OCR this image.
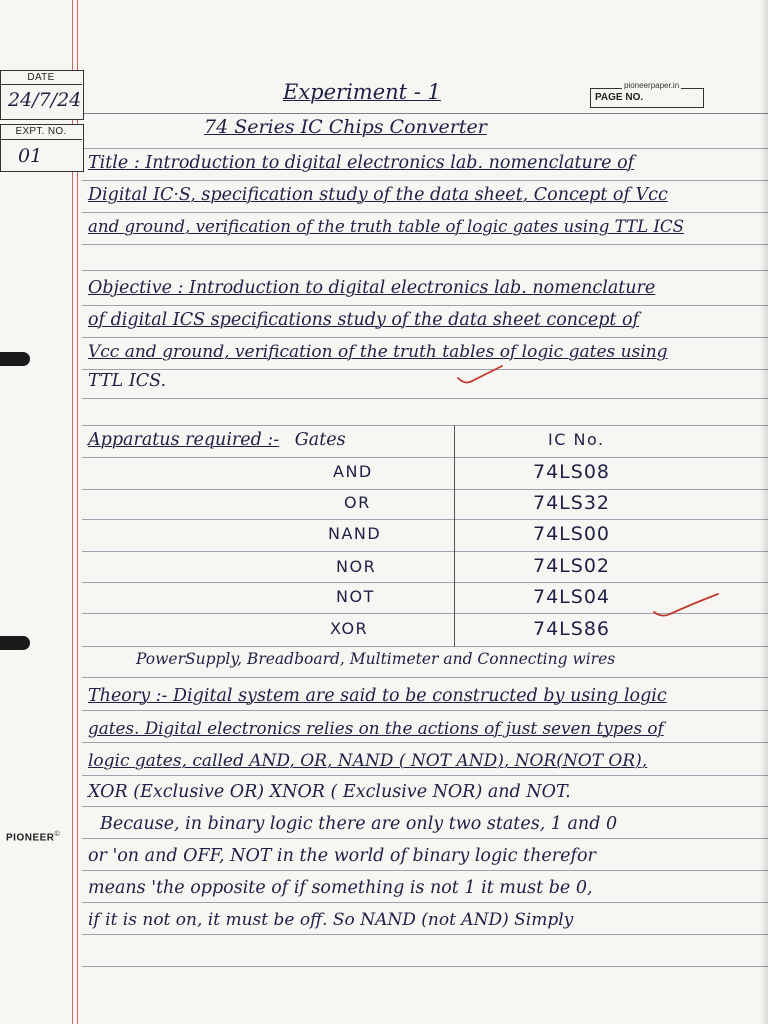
DATE
24/7/24
EXPT. NO.
01
PIONEER©
PAGE NO.
pioneerpaper.in
Experiment - 1
74 Series IC Chips Converter
Title : Introduction to digital electronics lab. nomenclature of
Digital IC·S, specification study of the data sheet, Concept of Vcc
and ground, verification of the truth table of logic gates using TTL ICS
Objective : Introduction to digital electronics lab. nomenclature
of digital ICS specifications study of the data sheet concept of
Vcc and ground, verification of the truth tables of logic gates using
TTL ICS.
Apparatus required :- Gates	IC No.
AND	74LS08
OR	74LS32
NAND	74LS00
NOR	74LS02
NOT	74LS04
XOR	74LS86
PowerSupply, Breadboard, Multimeter and Connecting wires
Theory :- Digital system are said to be constructed by using logic
gates. Digital electronics relies on the actions of just seven types of
logic gates, called AND, OR, NAND ( NOT AND), NOR(NOT OR),
XOR (Exclusive OR) XNOR ( Exclusive NOR) and NOT.
Because, in binary logic there are only two states, 1 and 0
or 'on and OFF, NOT in the world of binary logic therefor
means 'the opposite of if something is not 1 it must be 0,
if it is not on, it must be off. So NAND (not AND) Simply
